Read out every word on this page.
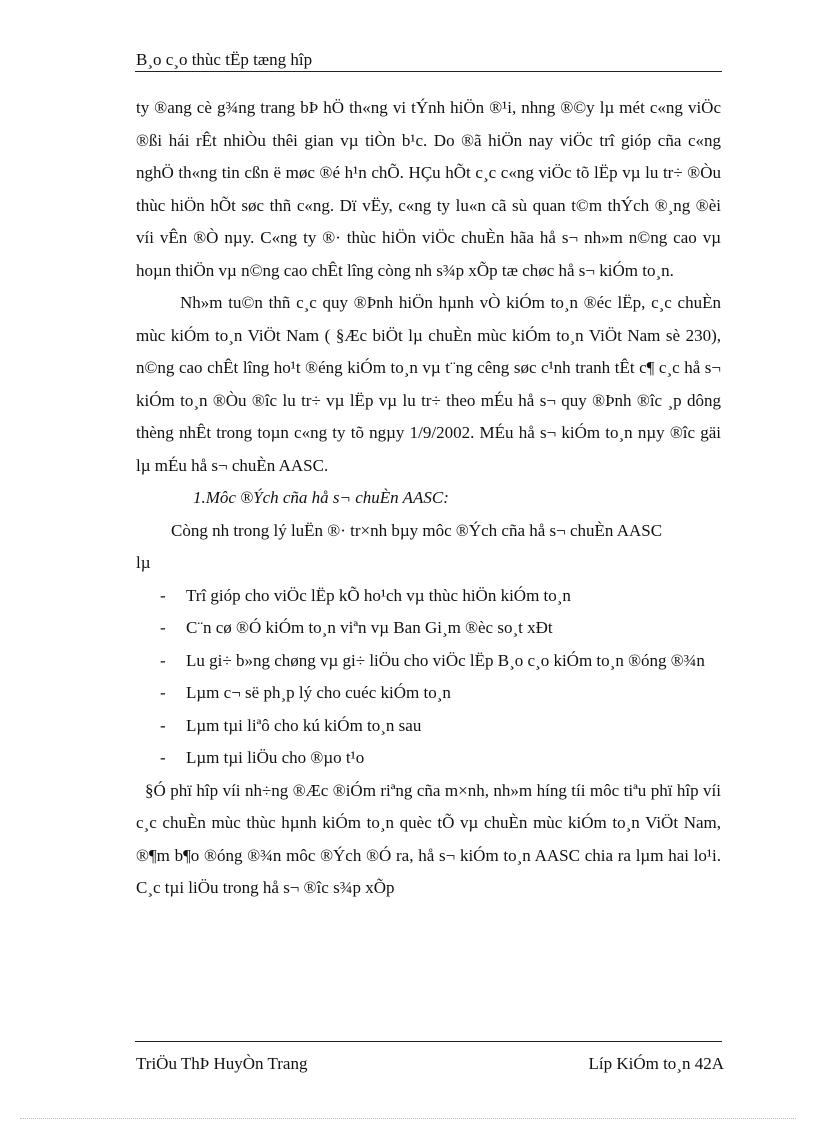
B¸o c¸o thùc tËp tæng hîp

ty ®ang cè g¾ng trang bÞ hÖ th«ng vi tÝnh hiÖn ®¹i, nhng ®©y lµ mét c«ng viÖc ®ßi hái rÊt nhiÒu thêi gian vµ tiÒn b¹c. Do ®ã hiÖn nay viÖc trî gióp cña c«ng nghÖ th«ng tin cßn ë møc ®é h¹n chÕ. HÇu hÕt c¸c c«ng viÖc tõ lËp vµ lu tr÷ ®Òu thùc hiÖn hÕt søc thñ c«ng. Dï vËy, c«ng ty lu«n cã sù quan t©m thÝch ®¸ng ®èi víi vÊn ®Ò nµy. C«ng ty ®· thùc hiÖn viÖc chuÈn hãa hå s¬ nh»m n©ng cao vµ hoµn thiÖn vµ n©ng cao chÊt lîng còng nh s¾p xÕp tæ chøc hå s¬ kiÓm to¸n.

Nh»m tu©n thñ c¸c quy ®Þnh hiÖn hµnh vÒ kiÓm to¸n ®éc lËp, c¸c chuÈn mùc kiÓm to¸n ViÖt Nam ( §Æc biÖt lµ chuÈn mùc kiÓm to¸n ViÖt Nam sè 230), n©ng cao chÊt lîng ho¹t ®éng kiÓm to¸n vµ t¨ng cêng søc c¹nh tranh tÊt c¶ c¸c hå s¬ kiÓm to¸n ®Òu ®îc lu tr÷ vµ lËp vµ lu tr÷ theo mÉu hå s¬ quy ®Þnh ®îc ¸p dông thèng nhÊt trong toµn c«ng ty tõ ngµy 1/9/2002. MÉu hå s¬ kiÓm to¸n nµy ®îc gäi lµ mÉu hå s¬ chuÈn AASC.

1.Môc ®Ých cña hå s¬ chuÈn AASC:

Còng nh trong lý luËn ®· tr×nh bµy môc ®Ých cña hå s¬ chuÈn AASC

lµ

- Trî gióp cho viÖc lËp kÕ ho¹ch vµ thùc hiÖn kiÓm to¸n
- C¨n cø ®Ó kiÓm to¸n viªn vµ Ban Gi¸m ®èc so¸t xÐt
- Lu gi÷ b»ng chøng vµ gi÷ liÖu cho viÖc lËp B¸o c¸o kiÓm to¸n ®óng ®¾n
- Lµm c¬ së ph¸p lý cho cuéc kiÓm to¸n
- Lµm tµi liªô cho kú kiÓm to¸n sau
- Lµm tµi liÖu cho ®µo t¹o

§Ó phï hîp víi nh÷ng ®Æc ®iÓm riªng cña m×nh, nh»m híng tíi môc tiªu phï hîp víi c¸c chuÈn mùc thùc hµnh kiÓm to¸n quèc tÕ vµ chuÈn mùc kiÓm to¸n ViÖt Nam, ®¶m b¶o ®óng ®¾n môc ®Ých ®Ó ra, hå s¬ kiÓm to¸n AASC chia ra lµm hai lo¹i. C¸c tµi liÖu trong hå s¬ ®îc s¾p xÕp

TriÖu ThÞ HuyÒn Trang	Líp KiÓm to¸n 42A
